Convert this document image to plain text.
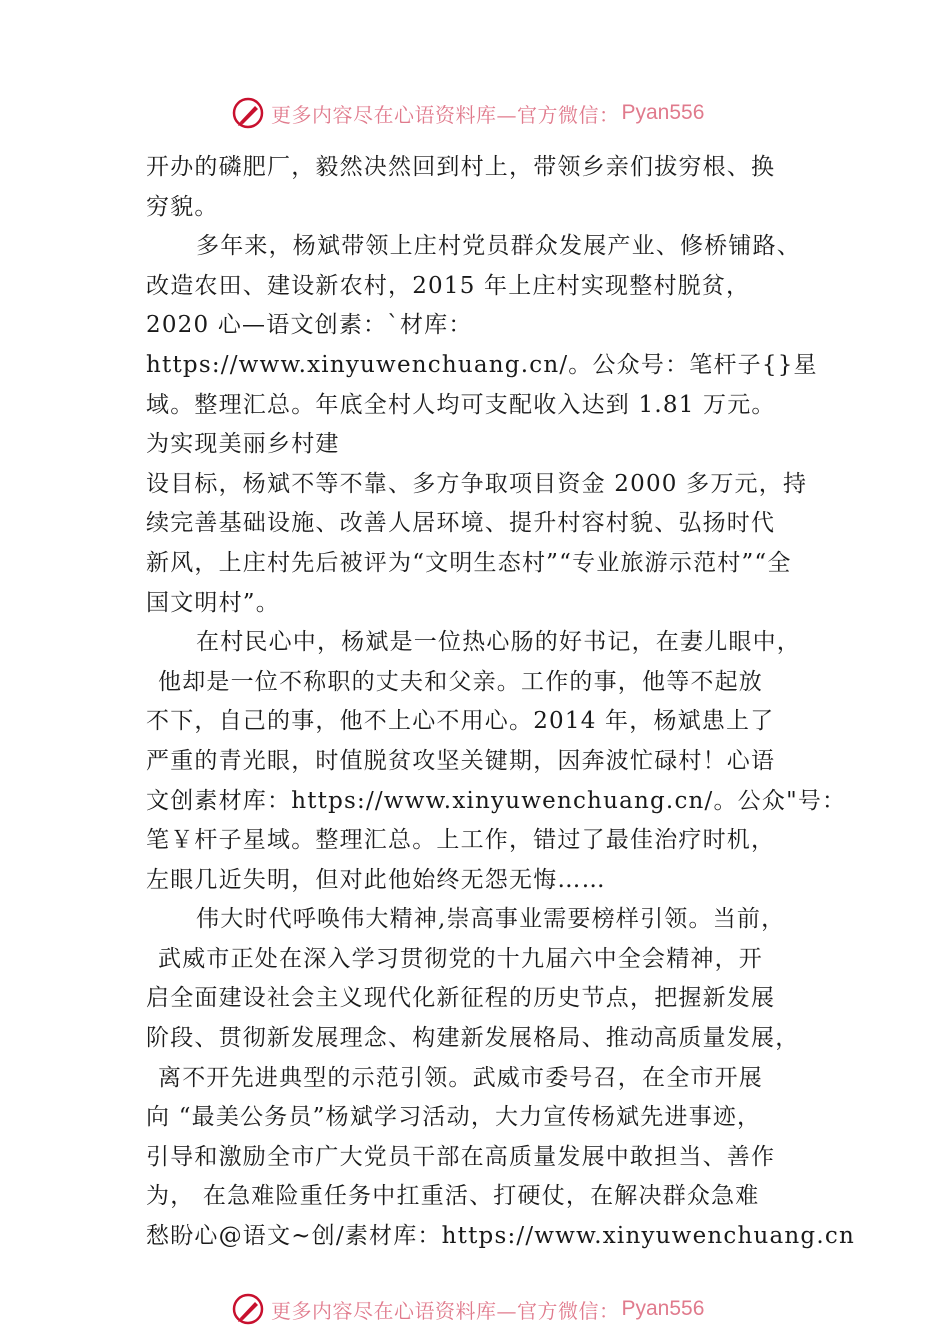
更多内容尽在心语资料库—官方微信： Pyan556
开办的磷肥厂，毅然决然回到村上，带领乡亲们拔穷根、换
穷貌。
多年来，杨斌带领上庄村党员群众发展产业、修桥铺路、
改造农田、建设新农村，2015 年上庄村实现整村脱贫，
2020 心—语文创素：`材库：
https://www.xinyuwenchuang.cn/。公众号：笔杆子{}星
域。整理汇总。年底全村人均可支配收入达到 1.81 万元。
为实现美丽乡村建
设目标，杨斌不等不靠、多方争取项目资金 2000 多万元，持
续完善基础设施、改善人居环境、提升村容村貌、弘扬时代
新风，上庄村先后被评为“文明生态村”“专业旅游示范村”“全
国文明村”。
在村民心中，杨斌是一位热心肠的好书记，在妻儿眼中，
他却是一位不称职的丈夫和父亲。工作的事，他等不起放
不下，自己的事，他不上心不用心。2014 年，杨斌患上了
严重的青光眼，时值脱贫攻坚关键期，因奔波忙碌村！心语
文创素材库：https://www.xinyuwenchuang.cn/。公众"号：
笔￥杆子星域。整理汇总。上工作，错过了最佳治疗时机，
左眼几近失明，但对此他始终无怨无悔……
伟大时代呼唤伟大精神,崇高事业需要榜样引领。当前，
武威市正处在深入学习贯彻党的十九届六中全会精神，开
启全面建设社会主义现代化新征程的历史节点，把握新发展
阶段、贯彻新发展理念、构建新发展格局、推动高质量发展，
离不开先进典型的示范引领。武威市委号召，在全市开展
向 “最美公务员”杨斌学习活动，大力宣传杨斌先进事迹，
引导和激励全市广大党员干部在高质量发展中敢担当、善作
为， 在急难险重任务中扛重活、打硬仗，在解决群众急难
愁盼心@语文~创/素材库：https://www.xinyuwenchuang.cn
更多内容尽在心语资料库—官方微信： Pyan556
